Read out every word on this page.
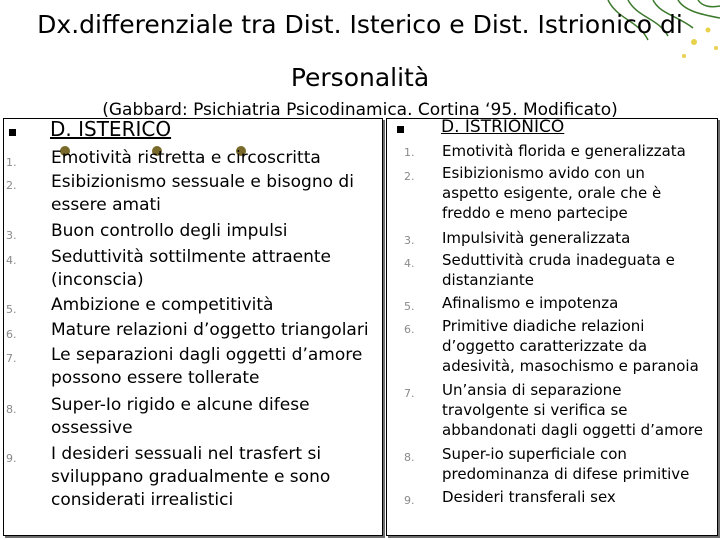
Dx.differenziale tra Dist. Isterico e Dist. Istrionico di
Personalità
D. ISTERICO	D. ISTRIONICO
(Gabbard: Psichiatria Psicodinamica. Cortina ‘95. Modificato)
1. Emotività ristretta e circoscritta
2. Esibizionismo sessuale e bisogno di
essere amati
3. Buon controllo degli impulsi
4. Seduttività sottilmente attraente
(inconscia)
5. Ambizione e competitività
6. Mature relazioni d’oggetto triangolari
7. Le separazioni dagli oggetti d’amore
possono essere tollerate
8. Super-Io rigido e alcune difese
ossessive
9. I desideri sessuali nel trasfert si
sviluppano gradualmente e sono
considerati irrealistici
1. Emotività florida e generalizzata
2. Esibizionismo avido con un
aspetto esigente, orale che è
freddo e meno partecipe
3. Impulsività generalizzata
4. Seduttività cruda inadeguata e
distanziante
5. Afinalismo e impotenza
6. Primitive diadiche relazioni
d’oggetto caratterizzate da
adesività, masochismo e paranoia
7. Un’ansia di separazione
travolgente si verifica se
abbandonati dagli oggetti d’amore
8. Super-io superficiale con
predominanza di difese primitive
9. Desideri transferali sex
